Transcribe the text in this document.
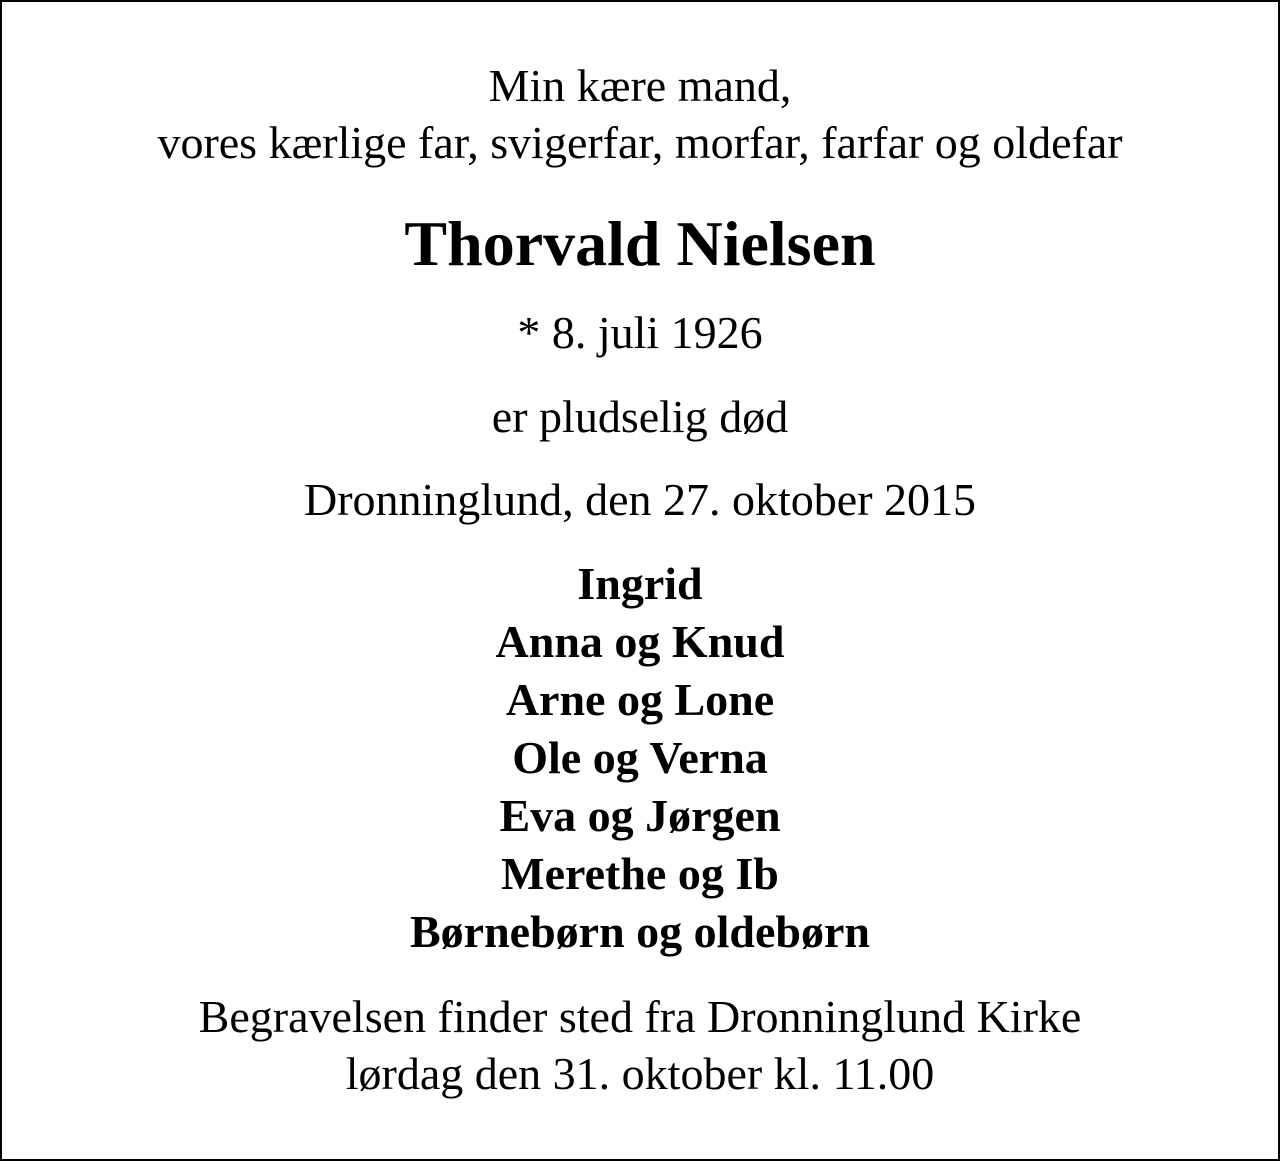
Min kære mand,
vores kærlige far, svigerfar, morfar, farfar og oldefar
Thorvald Nielsen
* 8. juli 1926
er pludselig død
Dronninglund, den 27. oktober 2015
Ingrid
Anna og Knud
Arne og Lone
Ole og Verna
Eva og Jørgen
Merethe og Ib
Børnebørn og oldebørn
Begravelsen finder sted fra Dronninglund Kirke
lørdag den 31. oktober kl. 11.00
